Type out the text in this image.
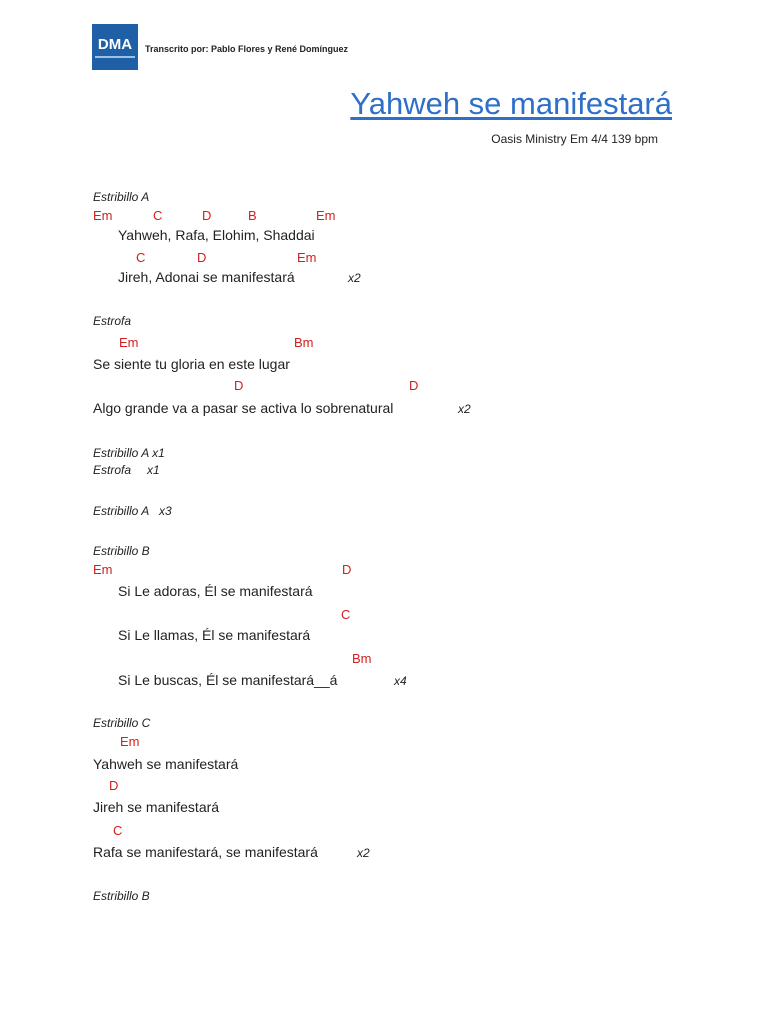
DMA Transcrito por: Pablo Flores y René Domínguez
Yahweh se manifestará
Oasis Ministry Em 4/4 139 bpm
Estribillo A
Em	C	D	B	Em
Yahweh, Rafa, Elohim, Shaddai
C	D	Em
Jireh, Adonai se manifestará	x2
Estrofa
Em	Bm
Se siente tu gloria en este lugar
D	D
Algo grande va a pasar se activa lo sobrenatural	x2
Estribillo A x1
Estrofa x1
Estribillo A x3
Estribillo B
Em	D
Si Le adoras, Él se manifestará
C
Si Le llamas, Él se manifestará
Bm
Si Le buscas, Él se manifestará__á	x4
Estribillo C
Em
Yahweh se manifestará
D
Jireh se manifestará
C
Rafa se manifestará, se manifestará	x2
Estribillo B
